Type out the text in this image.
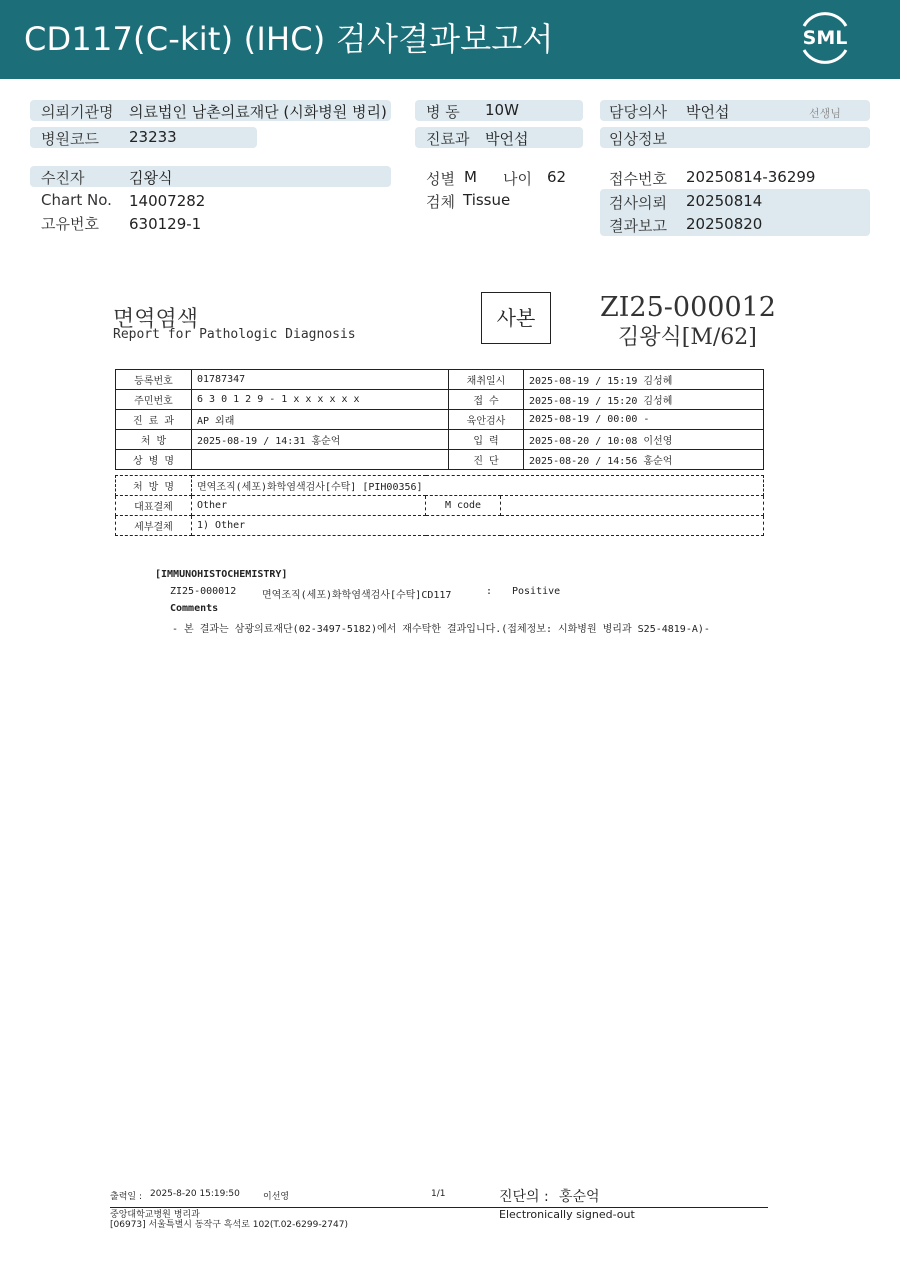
CD117(C-kit) (IHC) 검사결과보고서	SML
의뢰기관명 의료법인 남촌의료재단 (시화병원 병리)
병원코드 23233
병 동 10W
진료과 박언섭
담당의사 박언섭	선생님
임상정보
수진자	김왕식
Chart No. 14007282
고유번호 630129-1
성별 M 나이 62
검체 Tissue
접수번호 20250814-36299
검사의뢰 20250814
결과보고 20250820
면역염색
Report for Pathologic Diagnosis
사본	ZI25-000012
김왕식[M/62]
등록번호	01787347	채취일시	2025-08-19 / 15:19 김성혜
주민번호	6 3 0 1 2 9 - 1 x x x x x x	접 수	2025-08-19 / 15:20 김성혜
진 료 과	AP 외래	육안검사	2025-08-19 / 00:00 -
처 방	2025-08-19 / 14:31 홍순억	입 력	2025-08-20 / 10:08 이선영
상 병 명		진 단	2025-08-20 / 14:56 홍순억
처 방 명	면역조직(세포)화학염색검사[수탁] [PIH00356]		
대표결체	Other	M code	
세부결체	1) Other		
[IMMUNOHISTOCHEMISTRY]
ZI25-000012	면역조직(세포)화학염색검사[수탁]CD117	: Positive
Comments
- 본 결과는 삼광의료재단(02-3497-5182)에서 재수탁한 결과입니다.(접체정보: 시화병원 병리과 S25-4819-A)-
출력일 : 2025-8-20 15:19:50	이선영	1/1	진단의 : 홍순억
중앙대학교병원 병리과
[06973] 서울특별시 동작구 흑석로 102(T.02-6299-2747)
Electronically signed-out
